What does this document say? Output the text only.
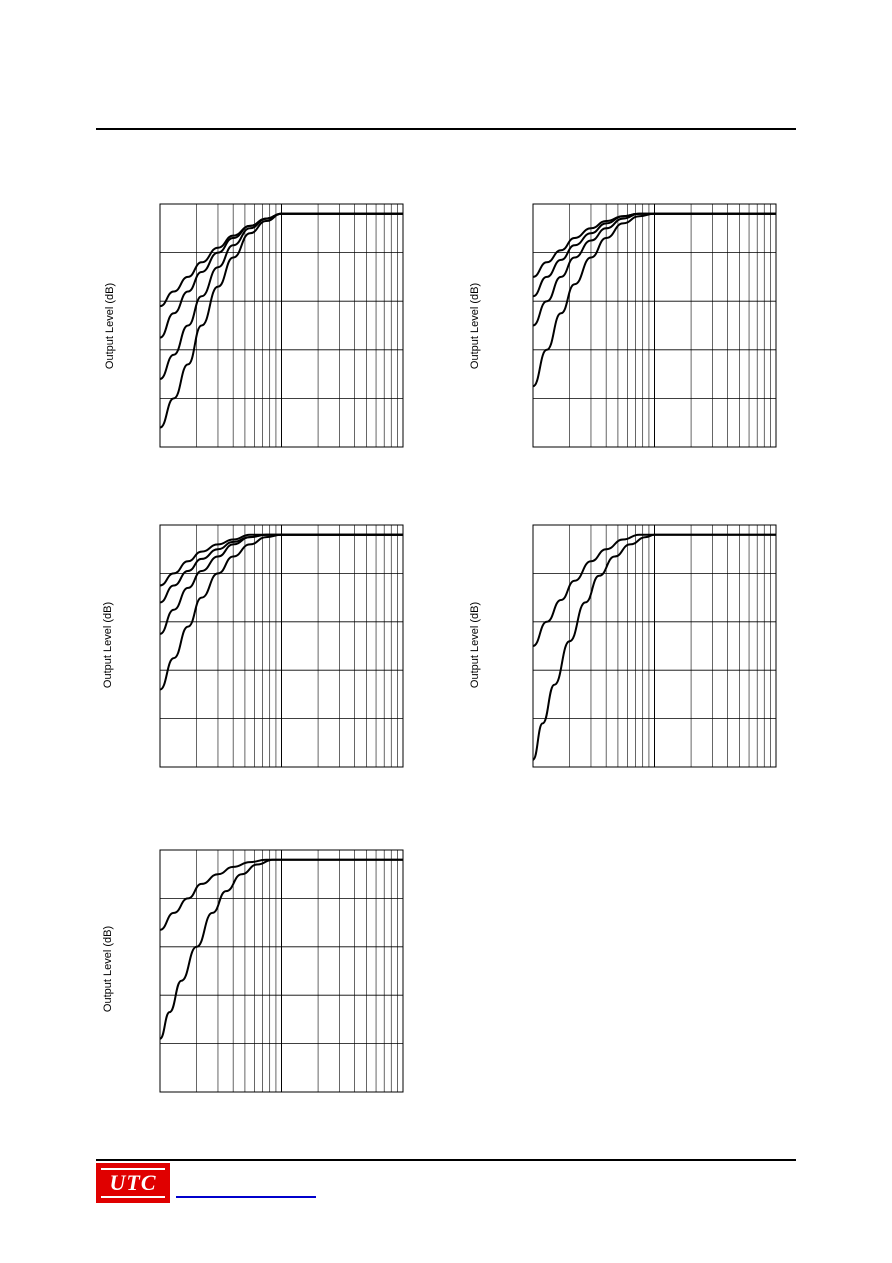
Output Level (dB)	Output Level (dB)
Output Level (dB)	Output Level (dB)
Output Level (dB)
UTC
